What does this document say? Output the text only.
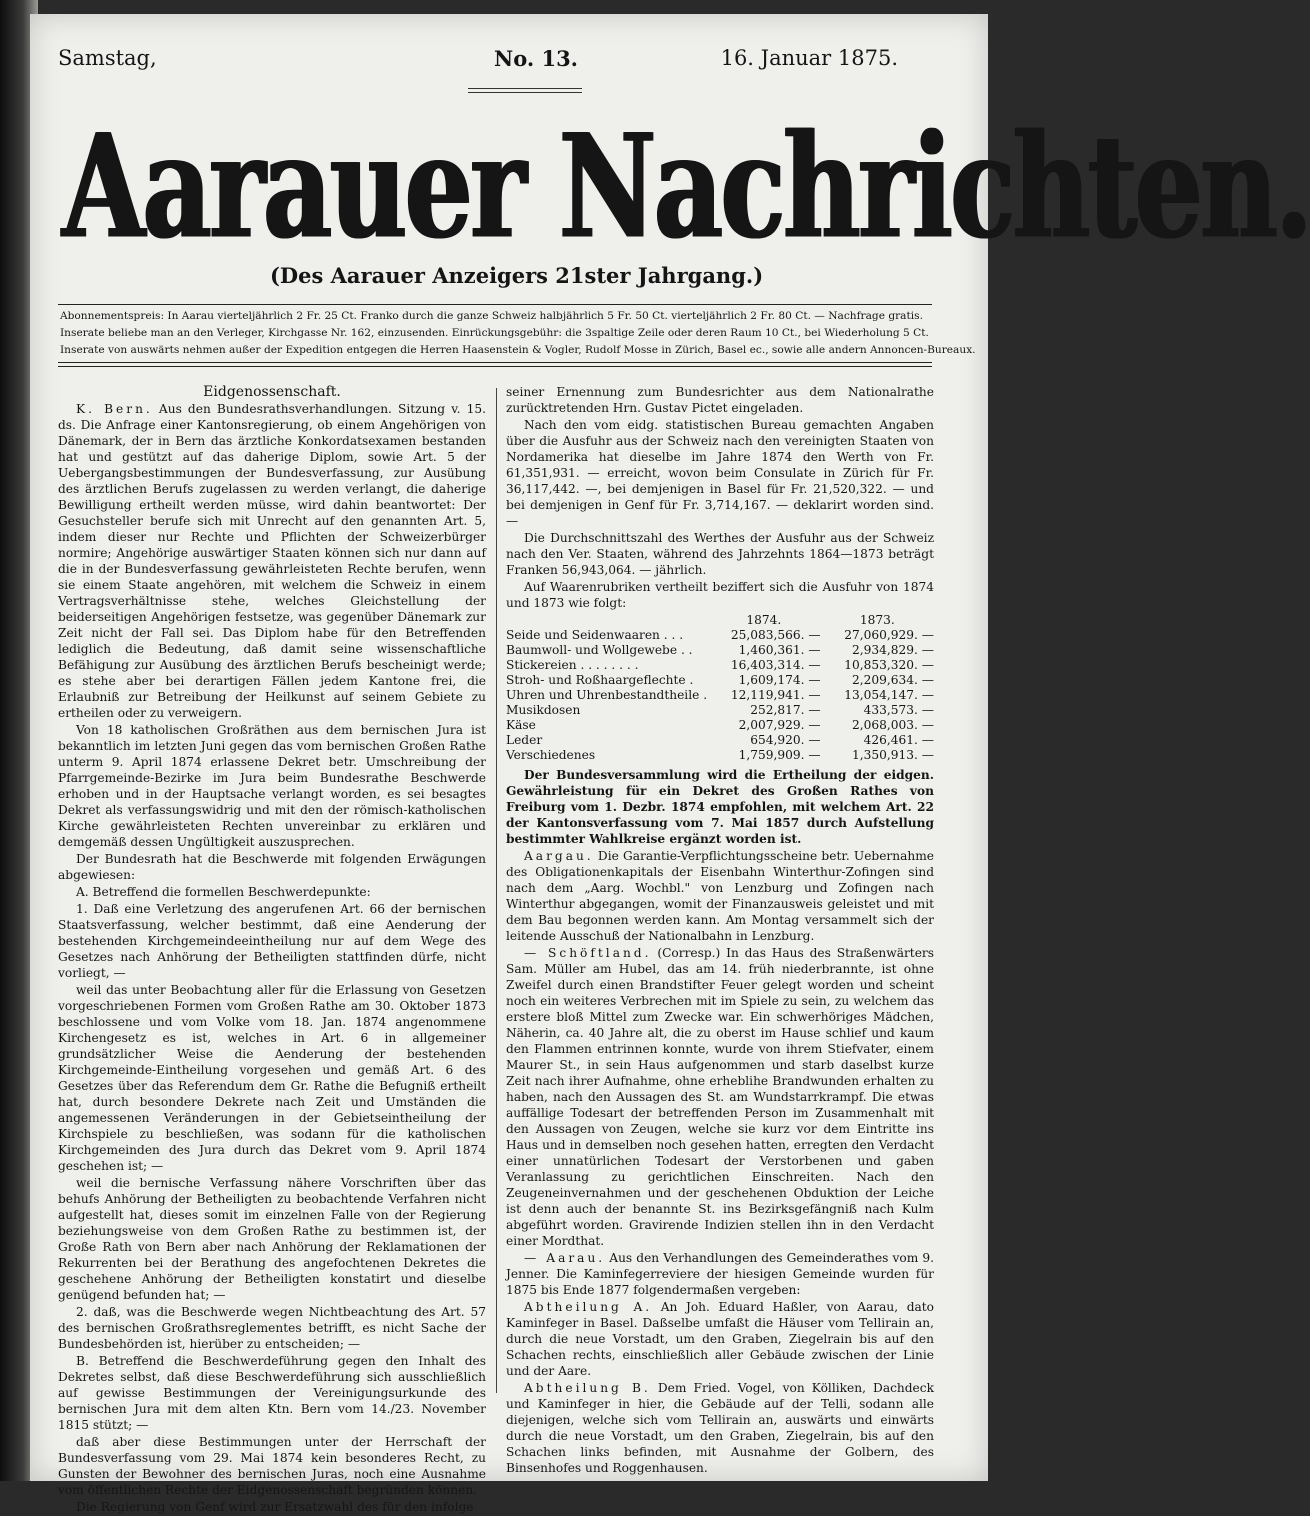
Samstag,	No. 13.	16. Januar 1875.
Aarauer Nachrichten.
(Des Aarauer Anzeigers 21ster Jahrgang.)
Abonnementspreis: In Aarau vierteljährlich 2 Fr. 25 Ct. Franko durch die ganze Schweiz halbjährlich 5 Fr. 50 Ct. vierteljährlich 2 Fr. 80 Ct. — Nachfrage gratis.
Inserate beliebe man an den Verleger, Kirchgasse Nr. 162, einzusenden. Einrückungsgebühr: die 3spaltige Zeile oder deren Raum 10 Ct., bei Wiederholung 5 Ct.
Inserate von auswärts nehmen außer der Expedition entgegen die Herren Haasenstein & Vogler, Rudolf Mosse in Zürich, Basel ec., sowie alle andern Annoncen-Bureaux.

Eidgenossenschaft.

K. Bern. Aus den Bundesrathsverhandlungen. Sitzung v. 15. ds. Die Anfrage einer Kantonsregierung, ob einem Angehörigen von Dänemark, der in Bern das ärztliche Konkordatsexamen bestanden hat und gestützt auf das daherige Diplom, sowie Art. 5 der Uebergangsbestimmungen der Bundesverfassung, zur Ausübung des ärztlichen Berufs zugelassen zu werden verlangt, die daherige Bewilligung ertheilt werden müsse, wird dahin beantwortet: Der Gesuchsteller berufe sich mit Unrecht auf den genannten Art. 5, indem dieser nur Rechte und Pflichten der Schweizerbürger normire; Angehörige auswärtiger Staaten können sich nur dann auf die in der Bundesverfassung gewährleisteten Rechte berufen, wenn sie einem Staate angehören, mit welchem die Schweiz in einem Vertragsverhältnisse stehe, welches Gleichstellung der beiderseitigen Angehörigen festsetze, was gegenüber Dänemark zur Zeit nicht der Fall sei. Das Diplom habe für den Betreffenden lediglich die Bedeutung, daß damit seine wissenschaftliche Befähigung zur Ausübung des ärztlichen Berufs bescheinigt werde; es stehe aber bei derartigen Fällen jedem Kantone frei, die Erlaubniß zur Betreibung der Heilkunst auf seinem Gebiete zu ertheilen oder zu verweigern.

Von 18 katholischen Großräthen aus dem bernischen Jura ist bekanntlich im letzten Juni gegen das vom bernischen Großen Rathe unterm 9. April 1874 erlassene Dekret betr. Umschreibung der Pfarrgemeinde-Bezirke im Jura beim Bundesrathe Beschwerde erhoben und in der Hauptsache verlangt worden, es sei besagtes Dekret als verfassungswidrig und mit den der römisch-katholischen Kirche gewährleisteten Rechten unvereinbar zu erklären und demgemäß dessen Ungültigkeit auszusprechen.

Der Bundesrath hat die Beschwerde mit folgenden Erwägungen abgewiesen:

A. Betreffend die formellen Beschwerdepunkte:

1. Daß eine Verletzung des angerufenen Art. 66 der bernischen Staatsverfassung, welcher bestimmt, daß eine Aenderung der bestehenden Kirchgemeindeeintheilung nur auf dem Wege des Gesetzes nach Anhörung der Betheiligten stattfinden dürfe, nicht vorliegt, —

weil das unter Beobachtung aller für die Erlassung von Gesetzen vorgeschriebenen Formen vom Großen Rathe am 30. Oktober 1873 beschlossene und vom Volke vom 18. Jan. 1874 angenommene Kirchengesetz es ist, welches in Art. 6 in allgemeiner grundsätzlicher Weise die Aenderung der bestehenden Kirchgemeinde-Eintheilung vorgesehen und gemäß Art. 6 des Gesetzes über das Referendum dem Gr. Rathe die Befugniß ertheilt hat, durch besondere Dekrete nach Zeit und Umständen die angemessenen Veränderungen in der Gebietseintheilung der Kirchspiele zu beschließen, was sodann für die katholischen Kirchgemeinden des Jura durch das Dekret vom 9. April 1874 geschehen ist; —

weil die bernische Verfassung nähere Vorschriften über das behufs Anhörung der Betheiligten zu beobachtende Verfahren nicht aufgestellt hat, dieses somit im einzelnen Falle von der Regierung beziehungsweise von dem Großen Rathe zu bestimmen ist, der Große Rath von Bern aber nach Anhörung der Reklamationen der Rekurrenten bei der Berathung des angefochtenen Dekretes die geschehene Anhörung der Betheiligten konstatirt und dieselbe genügend befunden hat; —

2. daß, was die Beschwerde wegen Nichtbeachtung des Art. 57 des bernischen Großrathsreglementes betrifft, es nicht Sache der Bundesbehörden ist, hierüber zu entscheiden; —

B. Betreffend die Beschwerdeführung gegen den Inhalt des Dekretes selbst, daß diese Beschwerdeführung sich ausschließlich auf gewisse Bestimmungen der Vereinigungsurkunde des bernischen Jura mit dem alten Ktn. Bern vom 14./23. November 1815 stützt; —

daß aber diese Bestimmungen unter der Herrschaft der Bundesverfassung vom 29. Mai 1874 kein besonderes Recht, zu Gunsten der Bewohner des bernischen Juras, noch eine Ausnahme vom öffentlichen Rechte der Eidgenossenschaft begründen können.

Die Regierung von Genf wird zur Ersatzwahl des für den infolge

seiner Ernennung zum Bundesrichter aus dem Nationalrathe zurücktretenden Hrn. Gustav Pictet eingeladen.

Nach den vom eidg. statistischen Bureau gemachten Angaben über die Ausfuhr aus der Schweiz nach den vereinigten Staaten von Nordamerika hat dieselbe im Jahre 1874 den Werth von Fr. 61,351,931. — erreicht, wovon beim Consulate in Zürich für Fr. 36,117,442. —, bei demjenigen in Basel für Fr. 21,520,322. — und bei demjenigen in Genf für Fr. 3,714,167. — deklarirt worden sind. —

Die Durchschnittszahl des Werthes der Ausfuhr aus der Schweiz nach den Ver. Staaten, während des Jahrzehnts 1864—1873 beträgt Franken 56,943,064. — jährlich.

Auf Waarenrubriken vertheilt beziffert sich die Ausfuhr von 1874 und 1873 wie folgt:

	1874.	1873.
Seide und Seidenwaaren . . .	25,083,566. —	27,060,929. —
Baumwoll- und Wollgewebe . .	1,460,361. —	2,934,829. —
Stickereien . . . . . . . .	16,403,314. —	10,853,320. —
Stroh- und Roßhaargeflechte .	1,609,174. —	2,209,634. —
Uhren und Uhrenbestandtheile .	12,119,941. —	13,054,147. —
Musikdosen	252,817. —	433,573. —
Käse	2,007,929. —	2,068,003. —
Leder	654,920. —	426,461. —
Verschiedenes	1,759,909. —	1,350,913. —

Der Bundesversammlung wird die Ertheilung der eidgen. Gewährleistung für ein Dekret des Großen Rathes von Freiburg vom 1. Dezbr. 1874 empfohlen, mit welchem Art. 22 der Kantonsverfassung vom 7. Mai 1857 durch Aufstellung bestimmter Wahlkreise ergänzt worden ist.

Aargau. Die Garantie-Verpflichtungsscheine betr. Uebernahme des Obligationenkapitals der Eisenbahn Winterthur-Zofingen sind nach dem „Aarg. Wochbl." von Lenzburg und Zofingen nach Winterthur abgegangen, womit der Finanzausweis geleistet und mit dem Bau begonnen werden kann. Am Montag versammelt sich der leitende Ausschuß der Nationalbahn in Lenzburg.

— Schöftland. (Corresp.) In das Haus des Straßenwärters Sam. Müller am Hubel, das am 14. früh niederbrannte, ist ohne Zweifel durch einen Brandstifter Feuer gelegt worden und scheint noch ein weiteres Verbrechen mit im Spiele zu sein, zu welchem das erstere bloß Mittel zum Zwecke war. Ein schwerhöriges Mädchen, Näherin, ca. 40 Jahre alt, die zu oberst im Hause schlief und kaum den Flammen entrinnen konnte, wurde von ihrem Stiefvater, einem Maurer St., in sein Haus aufgenommen und starb daselbst kurze Zeit nach ihrer Aufnahme, ohne erheblihe Brandwunden erhalten zu haben, nach den Aussagen des St. am Wundstarrkrampf. Die etwas auffällige Todesart der betreffenden Person im Zusammenhalt mit den Aussagen von Zeugen, welche sie kurz vor dem Eintritte ins Haus und in demselben noch gesehen hatten, erregten den Verdacht einer unnatürlichen Todesart der Verstorbenen und gaben Veranlassung zu gerichtlichen Einschreiten. Nach den Zeugeneinvernahmen und der geschehenen Obduktion der Leiche ist denn auch der benannte St. ins Bezirksgefängniß nach Kulm abgeführt worden. Gravirende Indizien stellen ihn in den Verdacht einer Mordthat.

— Aarau. Aus den Verhandlungen des Gemeinderathes vom 9. Jenner. Die Kaminfegerreviere der hiesigen Gemeinde wurden für 1875 bis Ende 1877 folgendermaßen vergeben:

Abtheilung A. An Joh. Eduard Haßler, von Aarau, dato Kaminfeger in Basel. Daßselbe umfaßt die Häuser vom Tellirain an, durch die neue Vorstadt, um den Graben, Ziegelrain bis auf den Schachen rechts, einschließlich aller Gebäude zwischen der Linie und der Aare.

Abtheilung B. Dem Fried. Vogel, von Kölliken, Dachdeck und Kaminfeger in hier, die Gebäude auf der Telli, sodann alle diejenigen, welche sich vom Tellirain an, auswärts und einwärts durch die neue Vorstadt, um den Graben, Ziegelrain, bis auf den Schachen links befinden, mit Ausnahme der Golbern, des Binsenhofes und Roggenhausen.
